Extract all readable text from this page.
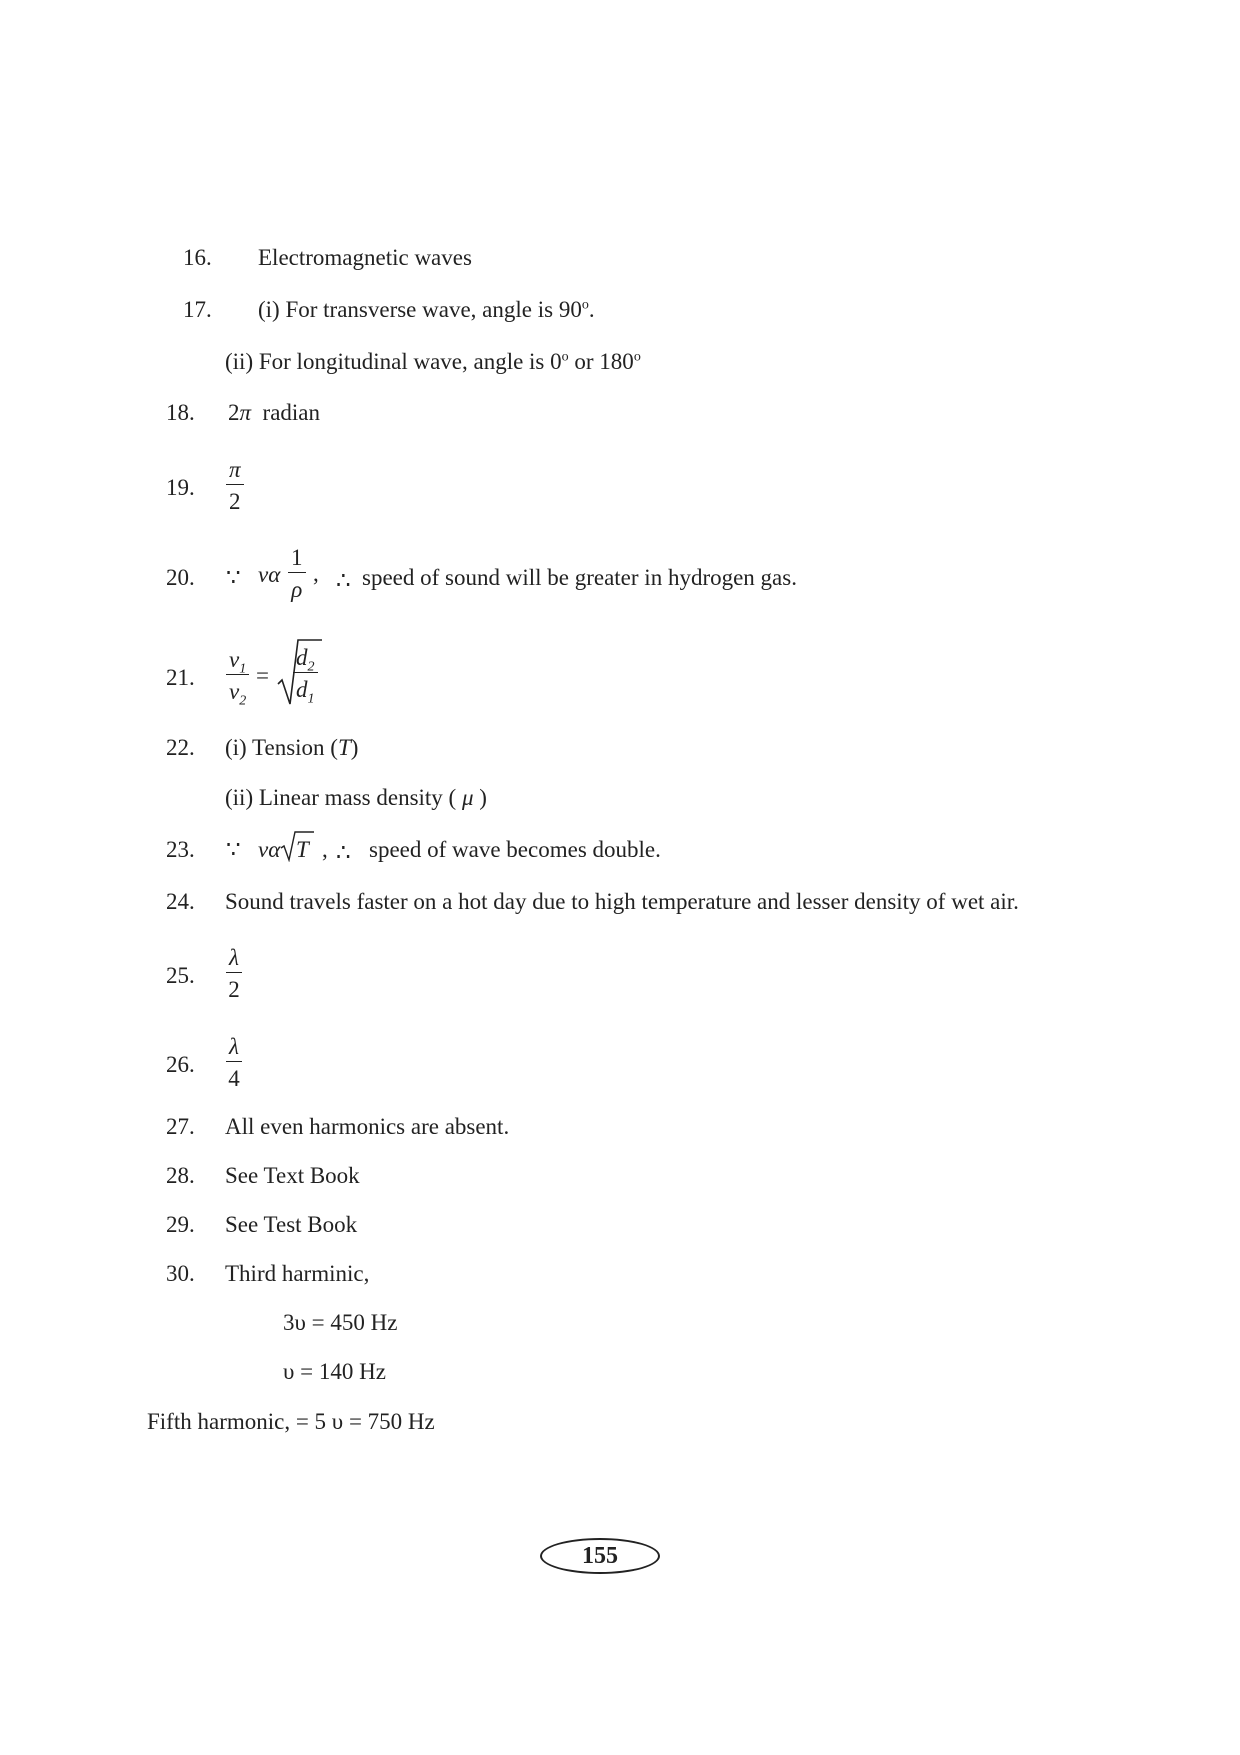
16. Electromagnetic waves
17. (i) For transverse wave, angle is 90$^o$.
(ii) For longitudinal wave, angle is 0$^o$ or 180$^o$
18. 2π radian
19. $\frac{\pi}{2}$
20. ∵ vα $\frac{1}{\rho}$ , ∴ speed of sound will be greater in hydrogen gas.
21. $\frac{v_1}{v_2} = \frac{d_2}{d_1}$
22. (i) Tension (T)
(ii) Linear mass density ( μ )
23. ∵ vα T , ∴ speed of wave becomes double.
24. Sound travels faster on a hot day due to high temperature and lesser density of wet air.
25. $\frac{\lambda}{2}$
26. $\frac{\lambda}{4}$
27. All even harmonics are absent.
28. See Text Book
29. See Test Book
30. Third harminic,
3υ = 450 Hz
υ = 140 Hz
Fifth harmonic, = 5 υ = 750 Hz
155
